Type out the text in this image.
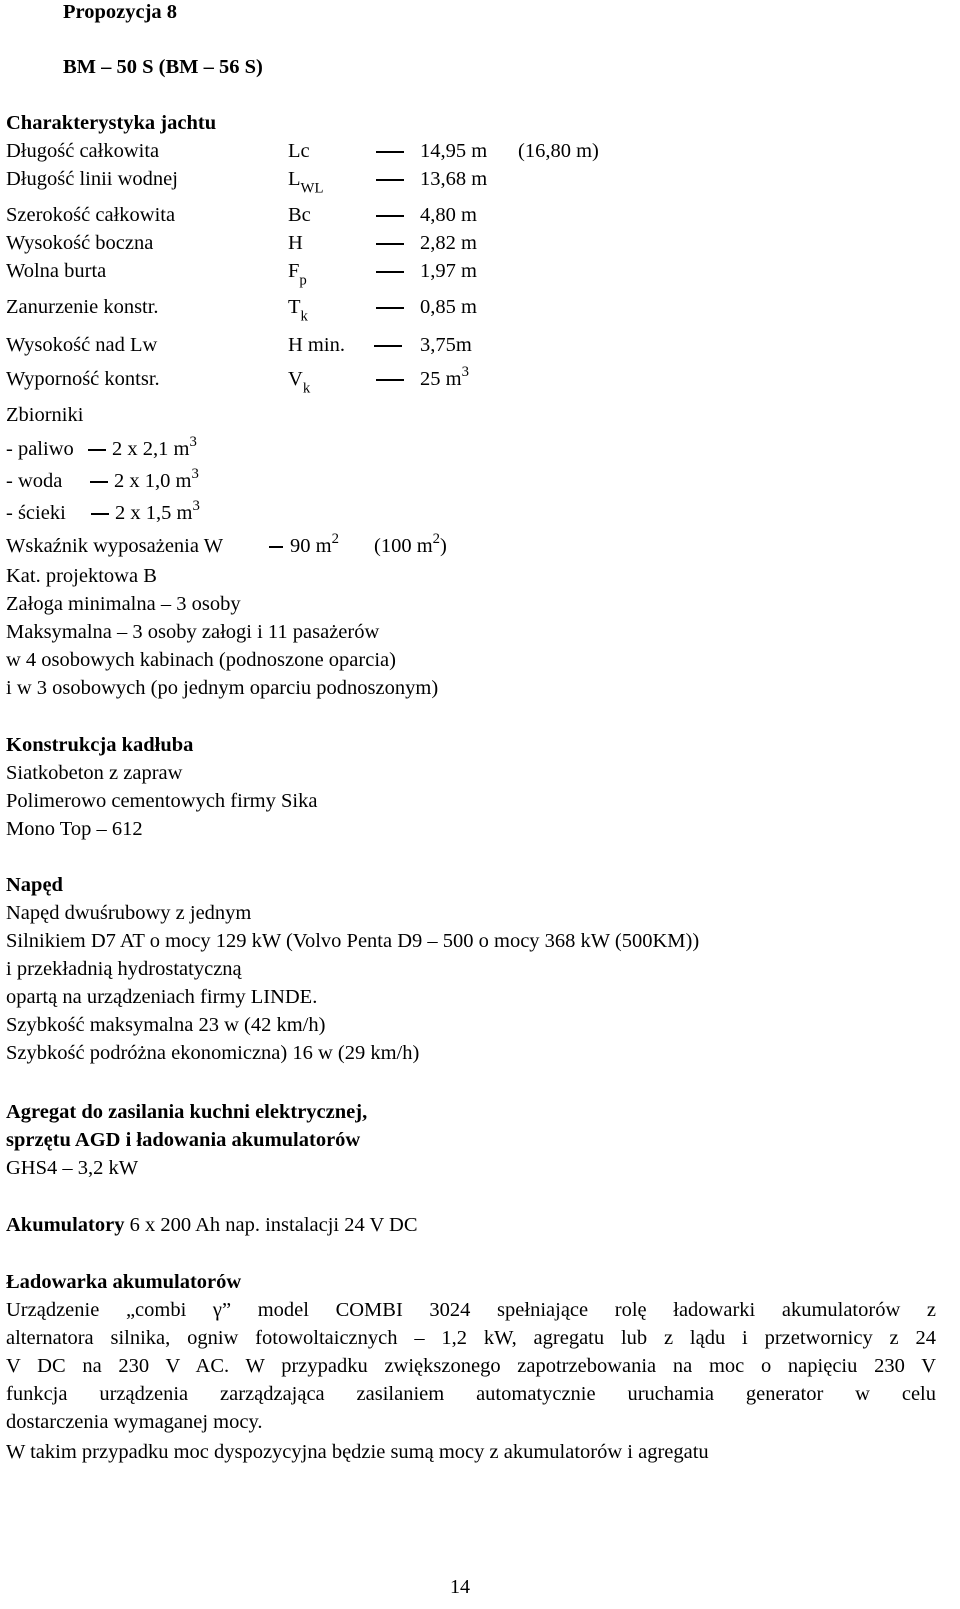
Propozycja 8
BM – 50 S (BM – 56 S)
Charakterystyka jachtu
Długość całkowita	Lc	14,95 m (16,80 m)
Długość linii wodnej	$L_{WL}$	13,68 m
Szerokość całkowita	Bc	4,80 m
Wysokość boczna	H	2,82 m
Wolna burta	$F_p$	1,97 m
Zanurzenie konstr.	$T_k$	0,85 m
Wysokość nad Lw	H min.	3,75m
Wyporność kontsr.	$V_k$	25 $m^3$
Zbiorniki
- paliwo 2 x 2,1 $m^3$
- woda	2 x 1,0 $m^3$
- ścieki 2 x 1,5 $m^3$
Wskaźnik wyposażenia W	90 $m^2$ (100 $m^2$)
Kat. projektowa B
Załoga minimalna – 3 osoby
Maksymalna – 3 osoby załogi i 11 pasażerów
w 4 osobowych kabinach (podnoszone oparcia)
i w 3 osobowych (po jednym oparciu podnoszonym)
Konstrukcja kadłuba
Siatkobeton z zapraw
Polimerowo cementowych firmy Sika
Mono Top – 612
Napęd
Napęd dwuśrubowy z jednym
Silnikiem D7 AT o mocy 129 kW (Volvo Penta D9 – 500 o mocy 368 kW (500KM))
i przekładnią hydrostatyczną
opartą na urządzeniach firmy LINDE.
Szybkość maksymalna 23 w (42 km/h)
Szybkość podróżna ekonomiczna) 16 w (29 km/h)
Agregat do zasilania kuchni elektrycznej,
sprzętu AGD i ładowania akumulatorów
GHS4 – 3,2 kW
Akumulatory 6 x 200 Ah nap. instalacji 24 V DC
Ładowarka akumulatorów
Urządzenie „combi γ” model COMBI 3024 spełniające rolę ładowarki akumulatorów z
alternatora silnika, ogniw fotowoltaicznych – 1,2 kW, agregatu lub z lądu i przetwornicy z 24
V DC na 230 V AC. W przypadku zwiększonego zapotrzebowania na moc o napięciu 230 V
funkcja urządzenia zarządzająca zasilaniem automatycznie uruchamia generator w celu
dostarczenia wymaganej mocy.
W takim przypadku moc dyspozycyjna będzie sumą mocy z akumulatorów i agregatu
14
